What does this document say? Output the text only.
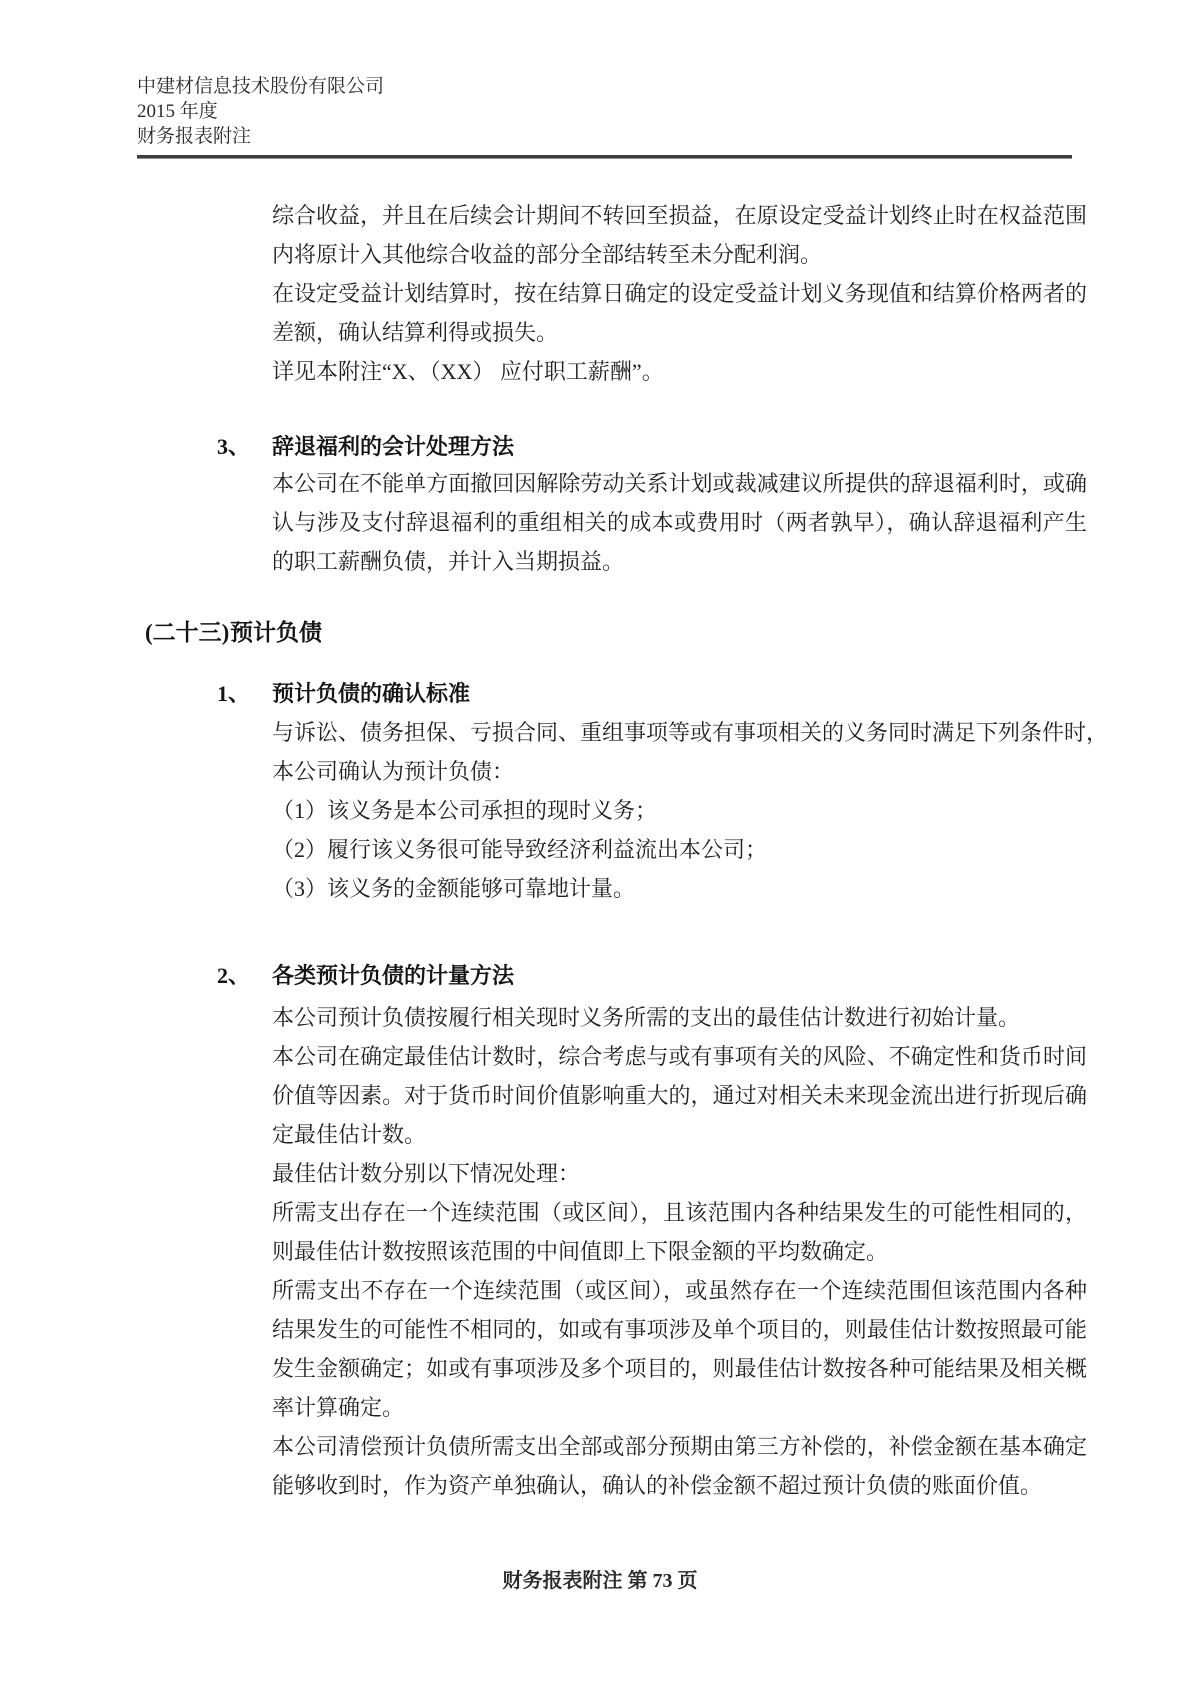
中建材信息技术股份有限公司
2015 年度
财务报表附注
综合收益，并且在后续会计期间不转回至损益，在原设定受益计划终止时在权益范围
内将原计入其他综合收益的部分全部结转至未分配利润。
在设定受益计划结算时，按在结算日确定的设定受益计划义务现值和结算价格两者的
差额，确认结算利得或损失。
详见本附注“X、（XX） 应付职工薪酬”。
3、 辞退福利的会计处理方法
本公司在不能单方面撤回因解除劳动关系计划或裁减建议所提供的辞退福利时，或确
认与涉及支付辞退福利的重组相关的成本或费用时（两者孰早），确认辞退福利产生
的职工薪酬负债，并计入当期损益。
(二十三)预计负债
1、 预计负债的确认标准
与诉讼、债务担保、亏损合同、重组事项等或有事项相关的义务同时满足下列条件时，
本公司确认为预计负债：
（1）该义务是本公司承担的现时义务；
（2）履行该义务很可能导致经济利益流出本公司；
（3）该义务的金额能够可靠地计量。
2、 各类预计负债的计量方法
本公司预计负债按履行相关现时义务所需的支出的最佳估计数进行初始计量。
本公司在确定最佳估计数时，综合考虑与或有事项有关的风险、不确定性和货币时间
价值等因素。对于货币时间价值影响重大的，通过对相关未来现金流出进行折现后确
定最佳估计数。
最佳估计数分别以下情况处理：
所需支出存在一个连续范围（或区间），且该范围内各种结果发生的可能性相同的，
则最佳估计数按照该范围的中间值即上下限金额的平均数确定。
所需支出不存在一个连续范围（或区间），或虽然存在一个连续范围但该范围内各种
结果发生的可能性不相同的，如或有事项涉及单个项目的，则最佳估计数按照最可能
发生金额确定；如或有事项涉及多个项目的，则最佳估计数按各种可能结果及相关概
率计算确定。
本公司清偿预计负债所需支出全部或部分预期由第三方补偿的，补偿金额在基本确定
能够收到时，作为资产单独确认，确认的补偿金额不超过预计负债的账面价值。
财务报表附注 第 73 页
